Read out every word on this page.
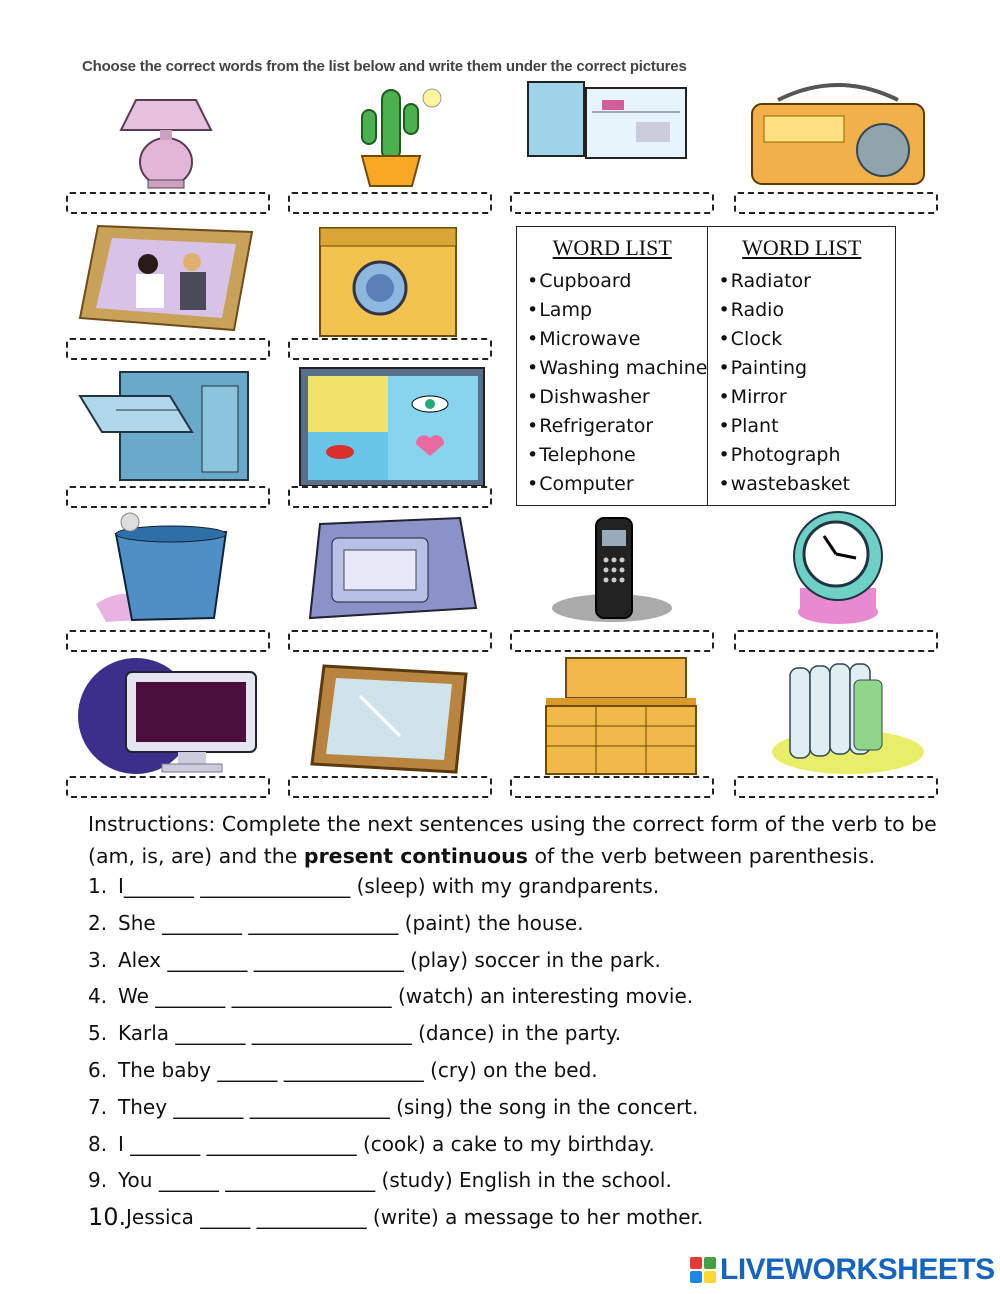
Choose the correct words from the list below and write them under the correct pictures
WORD LIST
• Cupboard
• Lamp
• Microwave
• Washing machine
• Dishwasher
• Refrigerator
• Telephone
• Computer
WORD LIST
• Radiator
• Radio
• Clock
• Painting
• Mirror
• Plant
• Photograph
• wastebasket
Instructions: Complete the next sentences using the correct form of the verb to be (am, is, are) and the present continuous of the verb between parenthesis.
1. I_______ _______________ (sleep) with my grandparents.
2. She ________ _______________ (paint) the house.
3. Alex ________ _______________ (play) soccer in the park.
4. We _______ ________________ (watch) an interesting movie.
5. Karla _______ ________________ (dance) in the party.
6. The baby ______ ______________ (cry) on the bed.
7. They _______ ______________ (sing) the song in the concert.
8. I _______ _______________ (cook) a cake to my birthday.
9. You ______ _______________ (study) English in the school.
10. Jessica _____ ___________ (write) a message to her mother.
LIVEWORKSHEETS
